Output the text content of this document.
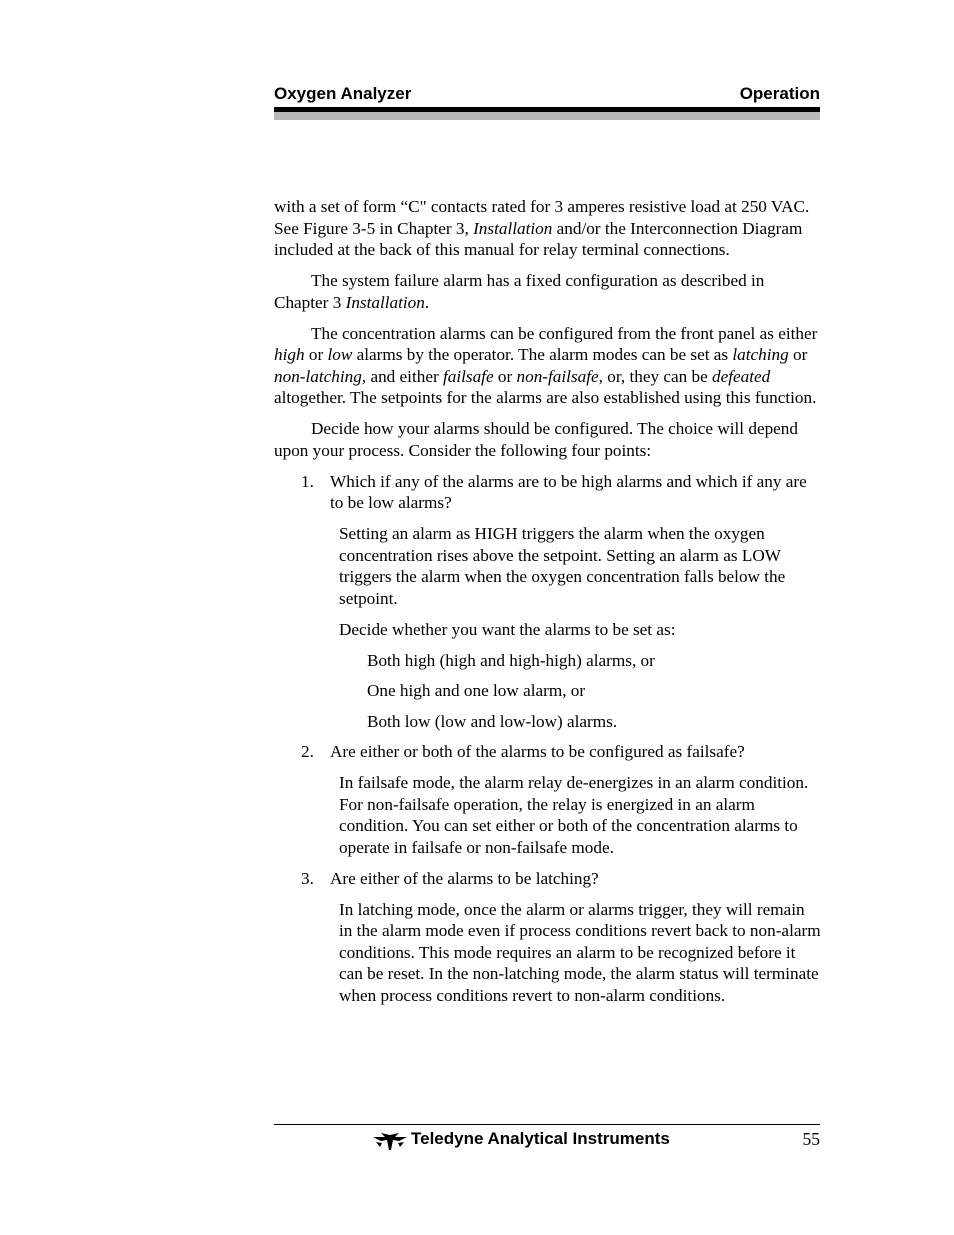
Oxygen Analyzer	Operation

with a set of form “C" contacts rated for 3 amperes resistive load at 250 VAC. See Figure 3-5 in Chapter 3, Installation and/or the Interconnection Diagram included at the back of this manual for relay terminal connections.

The system failure alarm has a fixed configuration as described in Chapter 3 Installation.

The concentration alarms can be configured from the front panel as either high or low alarms by the operator. The alarm modes can be set as latching or non-latching, and either failsafe or non-failsafe, or, they can be defeated altogether. The setpoints for the alarms are also established using this function.

Decide how your alarms should be configured. The choice will depend upon your process. Consider the following four points:

1. Which if any of the alarms are to be high alarms and which if any are to be low alarms?

Setting an alarm as HIGH triggers the alarm when the oxygen concentration rises above the setpoint. Setting an alarm as LOW triggers the alarm when the oxygen concentration falls below the setpoint.

Decide whether you want the alarms to be set as:

Both high (high and high-high) alarms, or

One high and one low alarm, or

Both low (low and low-low) alarms.

2. Are either or both of the alarms to be configured as failsafe?

In failsafe mode, the alarm relay de-energizes in an alarm condition. For non-failsafe operation, the relay is energized in an alarm condition. You can set either or both of the concentration alarms to operate in failsafe or non-failsafe mode.

3. Are either of the alarms to be latching?

In latching mode, once the alarm or alarms trigger, they will remain in the alarm mode even if process conditions revert back to non-alarm conditions. This mode requires an alarm to be recognized before it can be reset. In the non-latching mode, the alarm status will terminate when process conditions revert to non-alarm conditions.

Teledyne Analytical Instruments	55
